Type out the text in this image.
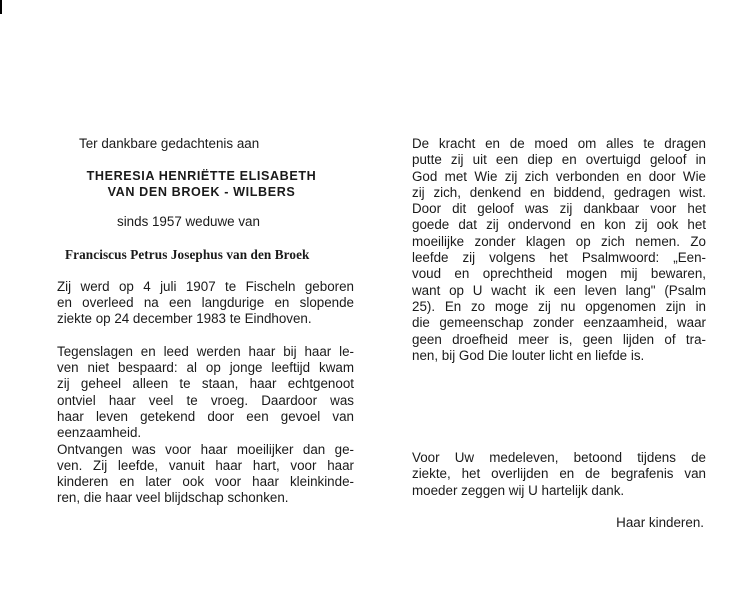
Ter dankbare gedachtenis aan
THERESIA HENRIËTTE ELISABETH
VAN DEN BROEK - WILBERS
sinds 1957 weduwe van
Franciscus Petrus Josephus van den Broek
Zij werd op 4 juli 1907 te Fischeln geboren
en overleed na een langdurige en slopende
ziekte op 24 december 1983 te Eindhoven.
Tegenslagen en leed werden haar bij haar le-
ven niet bespaard: al op jonge leeftijd kwam
zij geheel alleen te staan, haar echtgenoot
ontviel haar veel te vroeg. Daardoor was
haar leven getekend door een gevoel van
eenzaamheid.
Ontvangen was voor haar moeilijker dan ge-
ven. Zij leefde, vanuit haar hart, voor haar
kinderen en later ook voor haar kleinkinde-
ren, die haar veel blijdschap schonken.
De kracht en de moed om alles te dragen
putte zij uit een diep en overtuigd geloof in
God met Wie zij zich verbonden en door Wie
zij zich, denkend en biddend, gedragen wist.
Door dit geloof was zij dankbaar voor het
goede dat zij ondervond en kon zij ook het
moeilijke zonder klagen op zich nemen. Zo
leefde zij volgens het Psalmwoord: „Een-
voud en oprechtheid mogen mij bewaren,
want op U wacht ik een leven lang" (Psalm
25). En zo moge zij nu opgenomen zijn in
die gemeenschap zonder eenzaamheid, waar
geen droefheid meer is, geen lijden of tra-
nen, bij God Die louter licht en liefde is.
Voor Uw medeleven, betoond tijdens de
ziekte, het overlijden en de begrafenis van
moeder zeggen wij U hartelijk dank.
Haar kinderen.
